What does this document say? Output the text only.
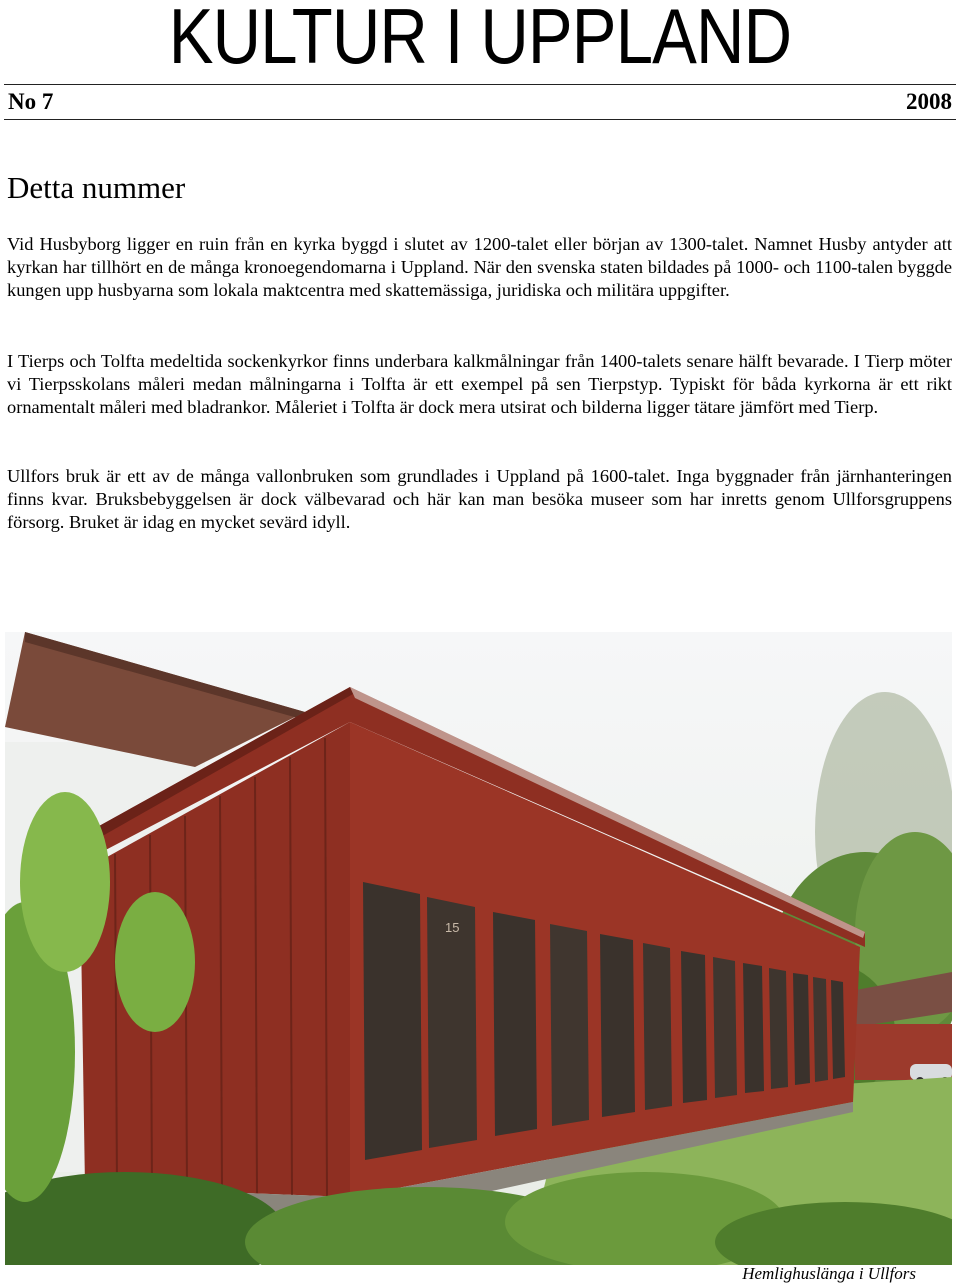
KULTUR I UPPLAND
No 7	2008
Detta nummer

Vid Husbyborg ligger en ruin från en kyrka byggd i slutet av 1200-talet eller början av 1300-talet. Namnet Husby antyder att kyrkan har tillhört en de många kronoegendomarna i Uppland. När den svenska staten bildades på 1000- och 1100-talen byggde kungen upp husbyarna som lokala maktcentra med skattemässiga, juridiska och militära uppgifter.

I Tierps och Tolfta medeltida sockenkyrkor finns underbara kalkmålningar från 1400-talets senare hälft bevarade. I Tierp möter vi Tierpsskolans måleri medan målningarna i Tolfta är ett exempel på sen Tierpstyp. Typiskt för båda kyrkorna är ett rikt ornamentalt måleri med bladrankor. Måleriet i Tolfta är dock mera utsirat och bilderna ligger tätare jämfört med Tierp.

Ullfors bruk är ett av de många vallonbruken som grundlades i Uppland på 1600-talet. Inga byggnader från järnhanteringen finns kvar. Bruksbebyggelsen är dock välbevarad och här kan man besöka museer som har inretts genom Ullforsgruppens försorg. Bruket är idag en mycket sevärd idyll.

15
Hemlighuslänga i Ullfors
